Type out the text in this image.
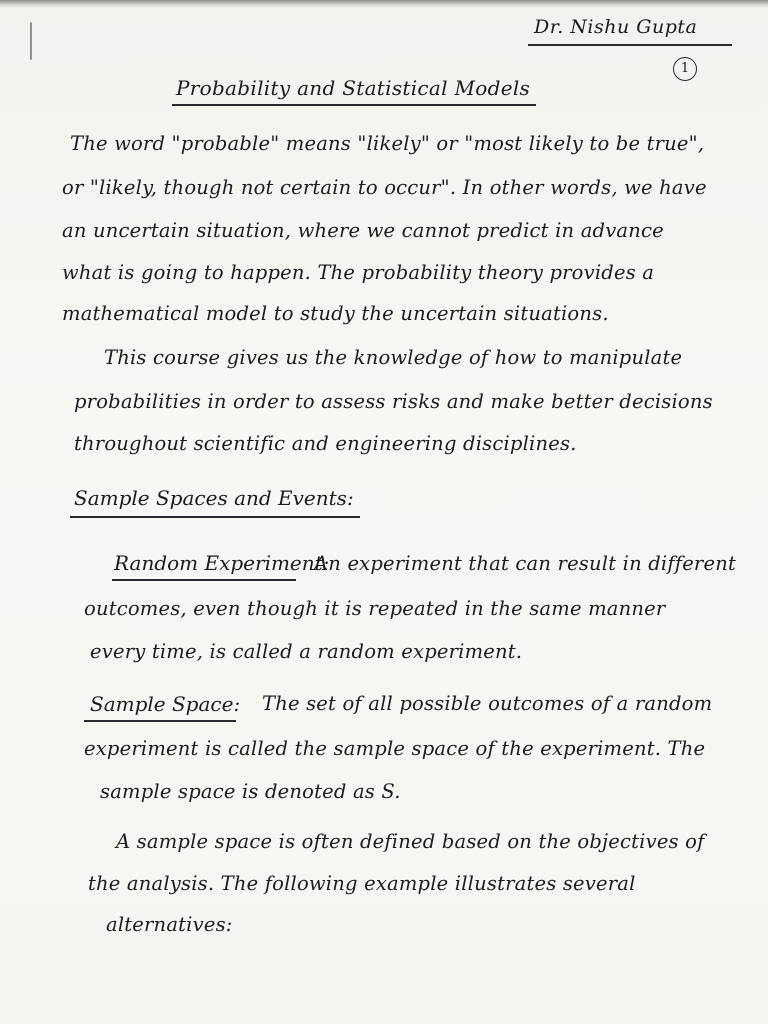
Dr. Nishu Gupta
1
Probability and Statistical Models
The word "probable" means "likely" or "most likely to be true",
or "likely, though not certain to occur". In other words, we have
an uncertain situation, where we cannot predict in advance
what is going to happen. The probability theory provides a
mathematical model to study the uncertain situations.
This course gives us the knowledge of how to manipulate
probabilities in order to assess risks and make better decisions
throughout scientific and engineering disciplines.
Sample Spaces and Events:
Random Experiment:
An experiment that can result in different
outcomes, even though it is repeated in the same manner
every time, is called a random experiment.
Sample Space: The set of all possible outcomes of a random
experiment is called the sample space of the experiment. The
sample space is denoted as S.
A sample space is often defined based on the objectives of
the analysis. The following example illustrates several
alternatives:
